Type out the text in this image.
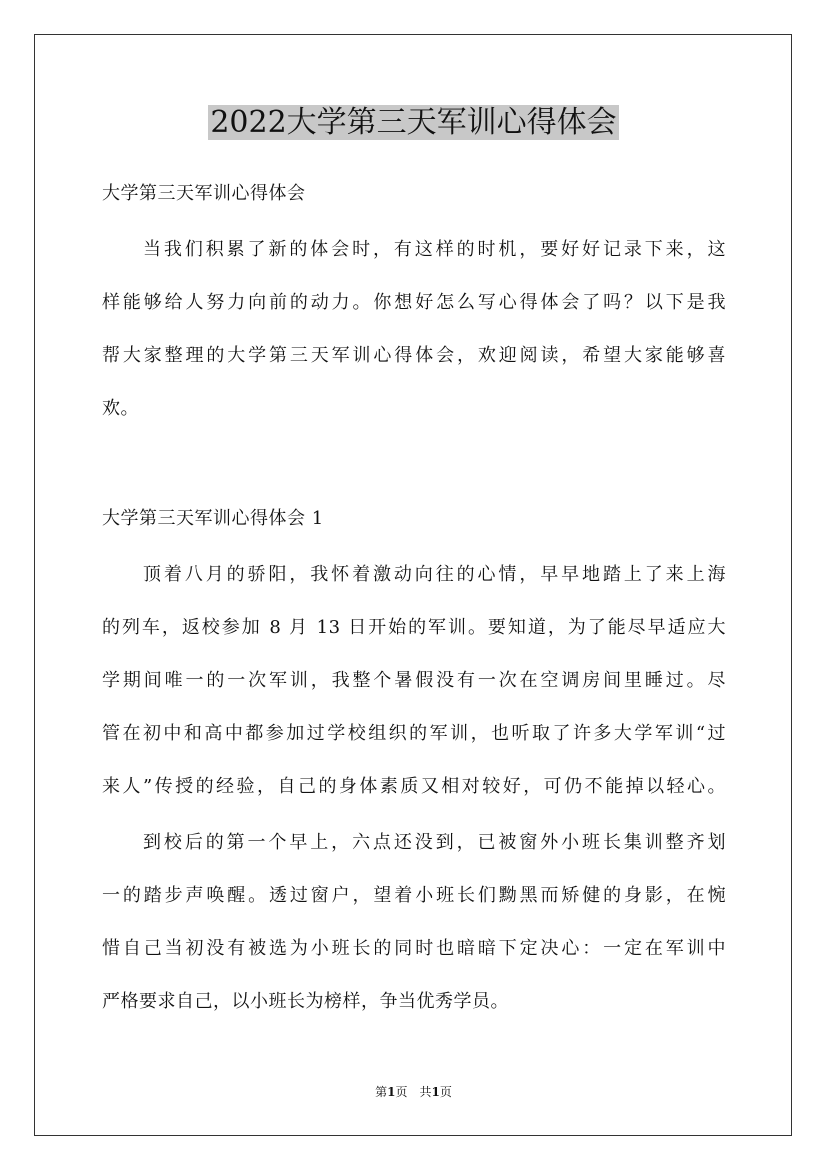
2022大学第三天军训心得体会
大学第三天军训心得体会
当我们积累了新的体会时，有这样的时机，要好好记录下来，这
样能够给人努力向前的动力。你想好怎么写心得体会了吗？以下是我
帮大家整理的大学第三天军训心得体会，欢迎阅读，希望大家能够喜
欢。
大学第三天军训心得体会 1
顶着八月的骄阳，我怀着激动向往的心情，早早地踏上了来上海
的列车，返校参加 8 月 13 日开始的军训。要知道，为了能尽早适应大
学期间唯一的一次军训，我整个暑假没有一次在空调房间里睡过。尽
管在初中和高中都参加过学校组织的军训，也听取了许多大学军训“过
来人”传授的经验，自己的身体素质又相对较好，可仍不能掉以轻心。
到校后的第一个早上，六点还没到，已被窗外小班长集训整齐划
一的踏步声唤醒。透过窗户，望着小班长们黝黑而矫健的身影，在惋
惜自己当初没有被选为小班长的同时也暗暗下定决心：一定在军训中
严格要求自己，以小班长为榜样，争当优秀学员。
第1页　共1页
